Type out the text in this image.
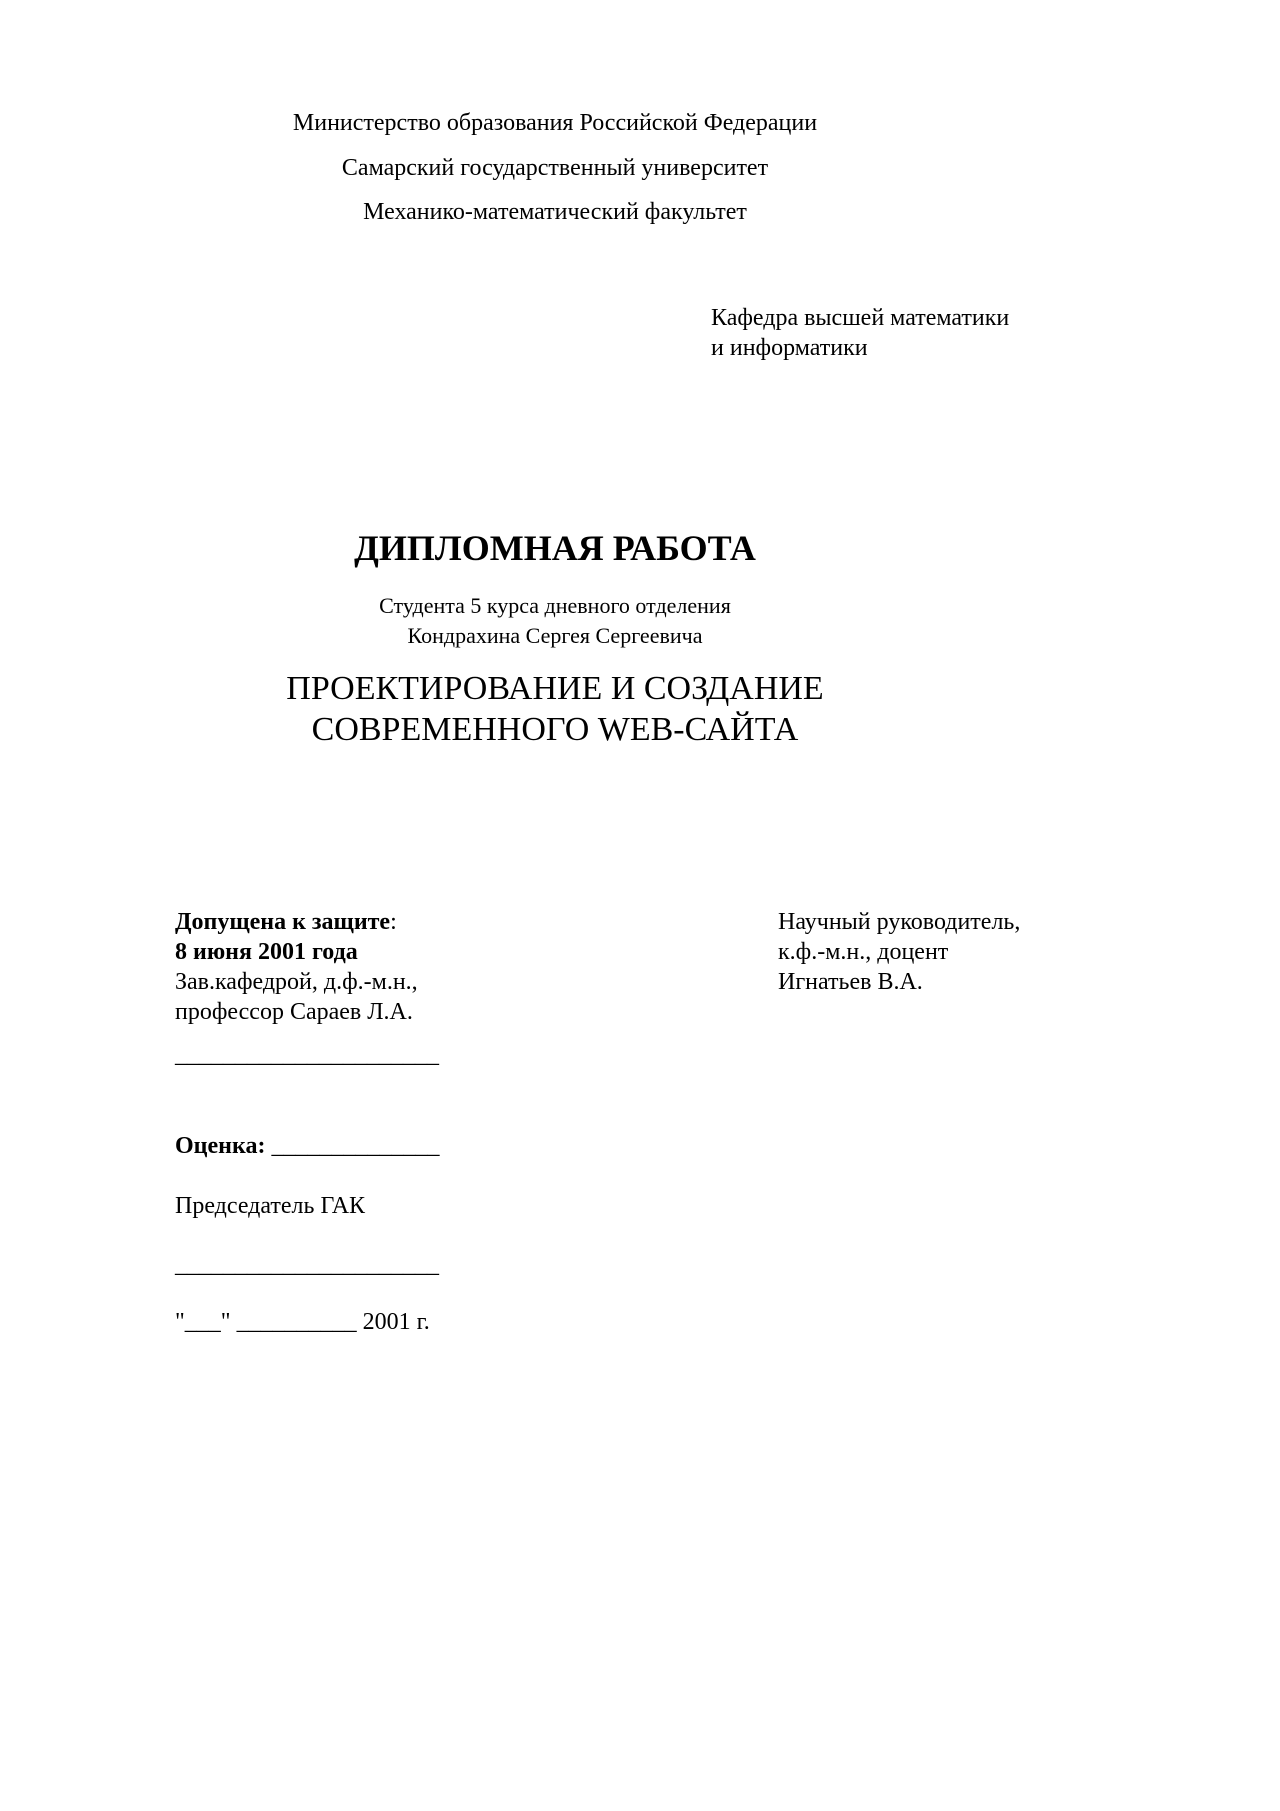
Министерство образования Российской Федерации
Самарский государственный университет
Механико-математический факультет
Кафедра высшей математики
и информатики
ДИПЛОМНАЯ РАБОТА
Студента 5 курса дневного отделения
Кондрахина Сергея Сергеевича
ПРОЕКТИРОВАНИЕ И СОЗДАНИЕ
СОВРЕМЕННОГО WEB-САЙТА
Допущена к защите:
8 июня 2001 года
Зав.кафедрой, д.ф.-м.н.,
профессор Сараев Л.А.
______________________
Научный руководитель,
к.ф.-м.н., доцент
Игнатьев В.А.
Оценка: ______________
Председатель ГАК
______________________
"___" __________ 2001 г.
